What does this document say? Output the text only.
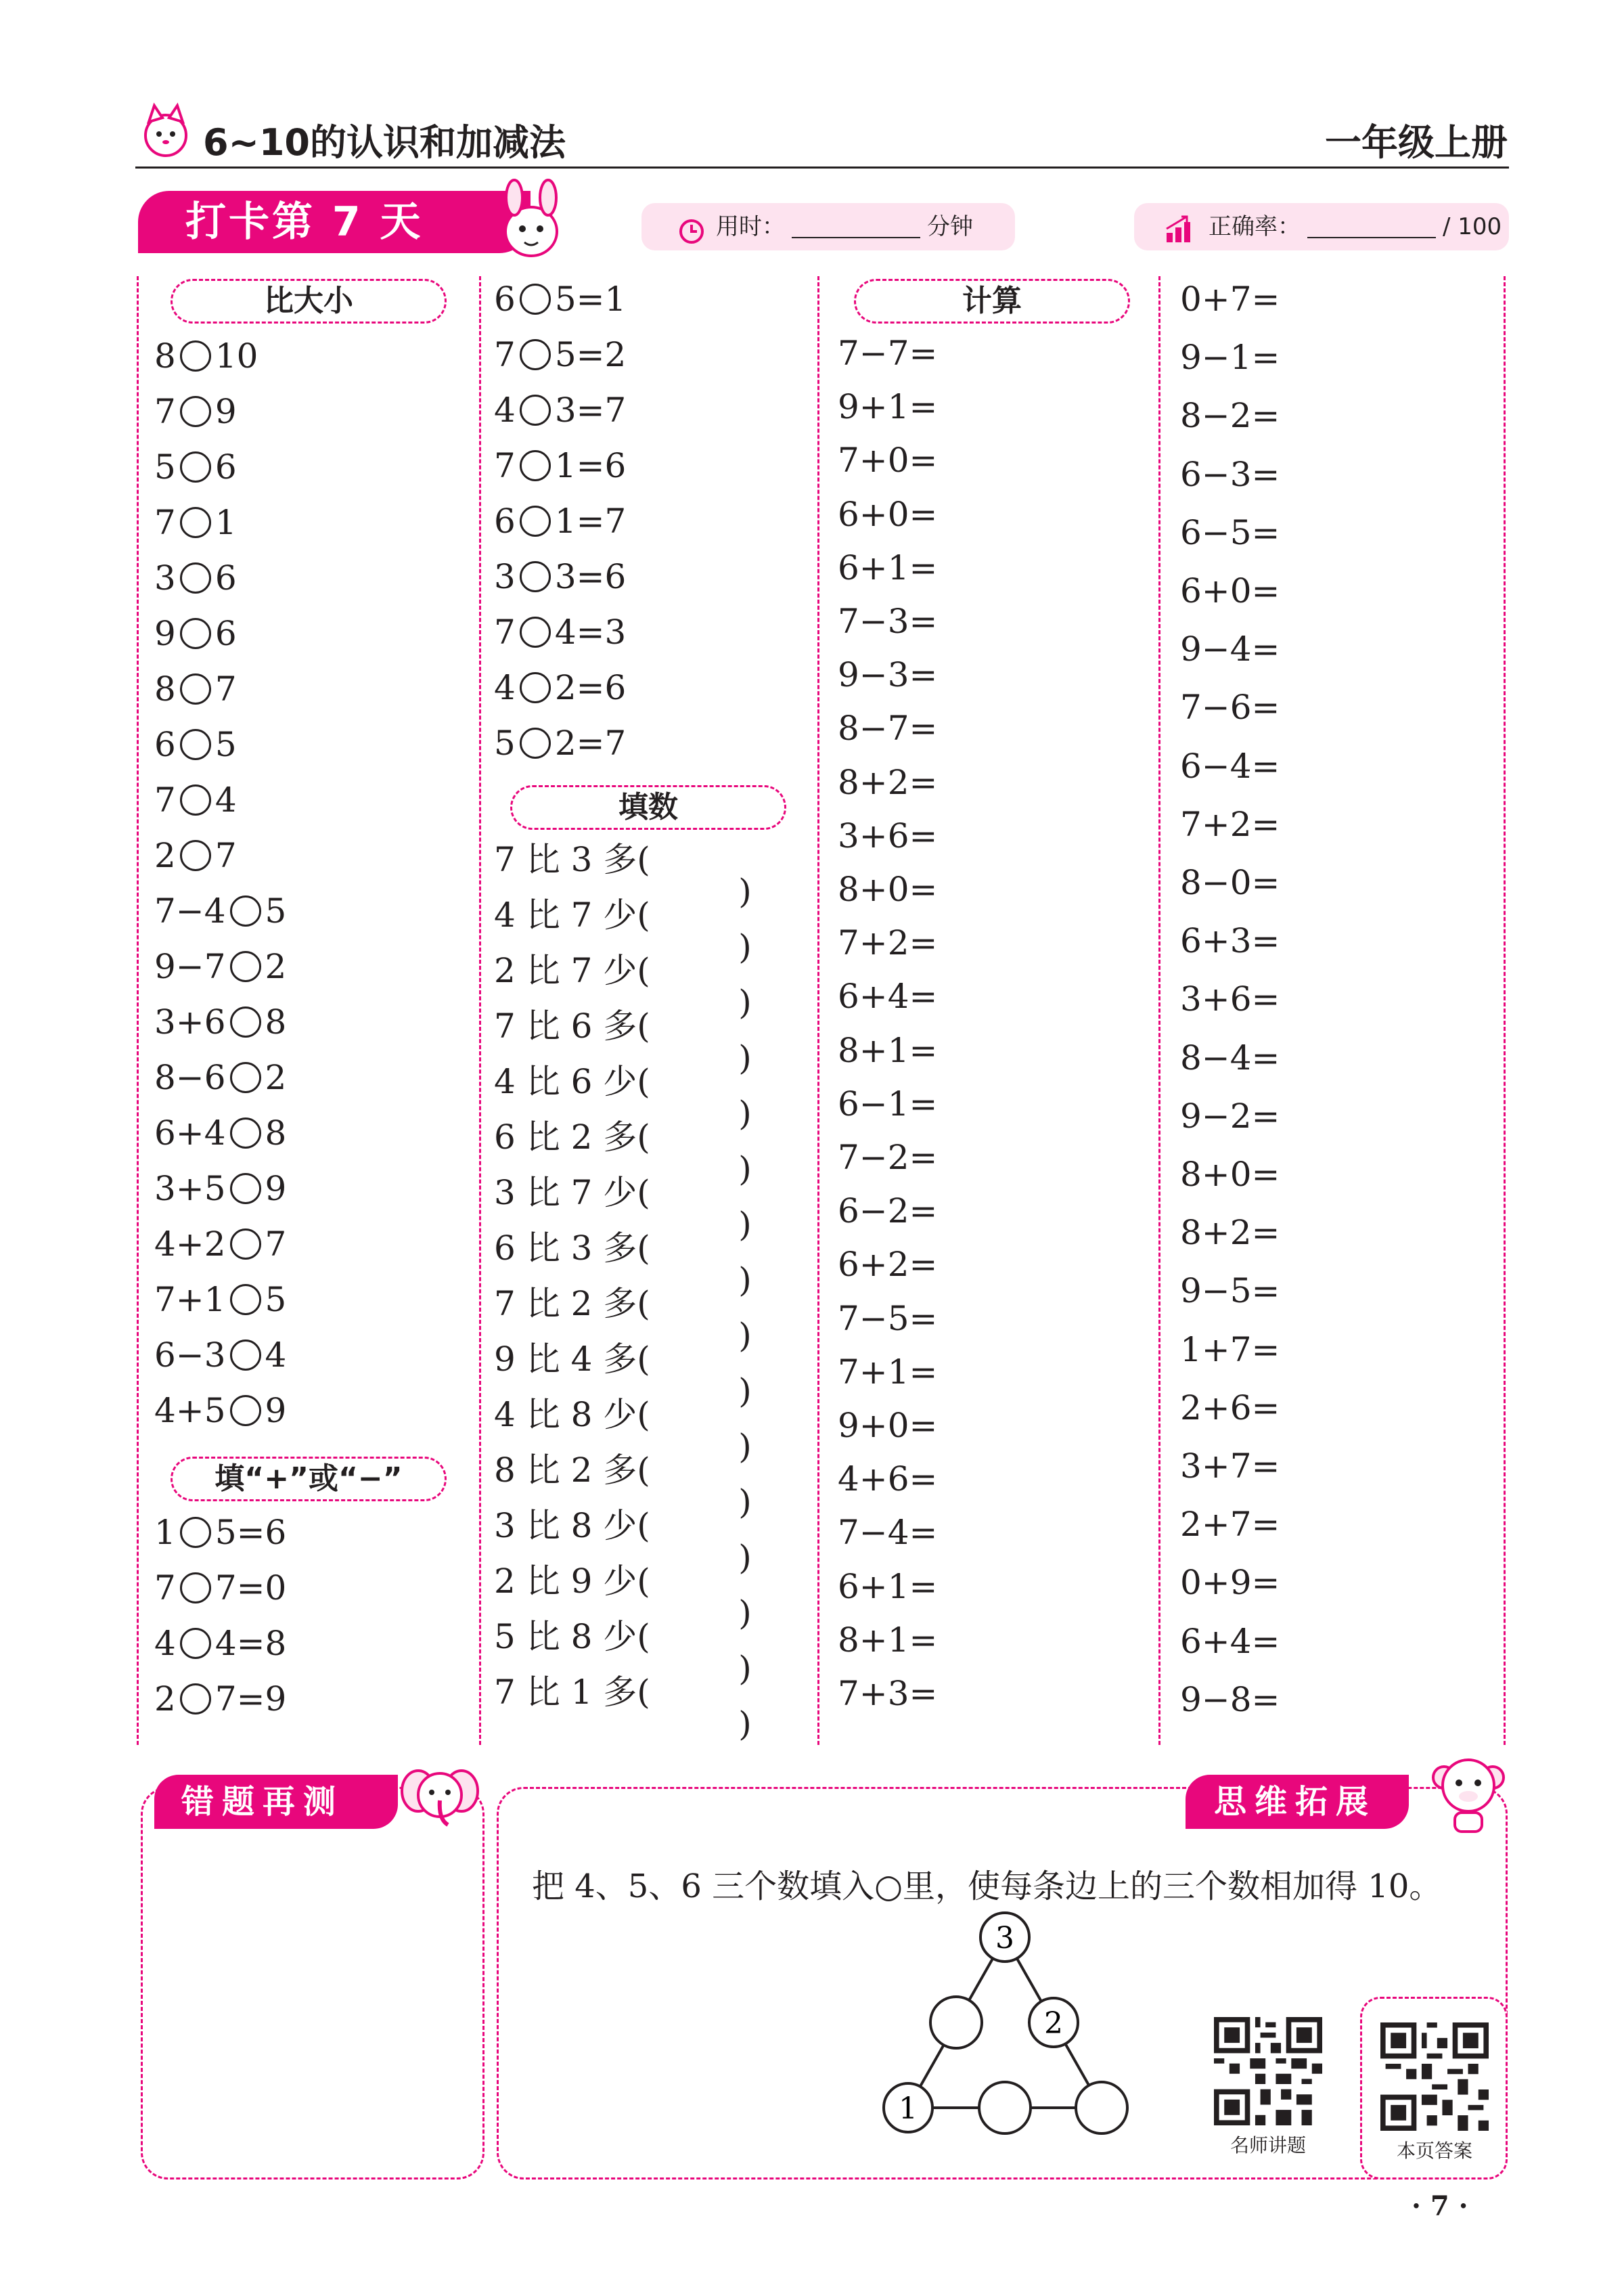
6~10的认识和加减法	一年级上册
打卡第 7 天	用时：	分钟	正确率：	/ 100
比大小
8 10
7 9
5 6
7 1
3 6
9 6
8 7
6 5
7 4
2 7
7−4 5
9−7 2
3+6 8
8−6 2
6+4 8
3+5 9
4+2 7
7+1 5
6−3 4
4+5 9
填“+”或“−”
1 5=6
7 7=0
4 4=8
2 7=9
6 5=1
7 5=2
4 3=7
7 1=6
6 1=7
3 3=6
7 4=3
4 2=6
5 2=7
填数
7 比 3 多(
4 比 7 少(
2 比 7 少(
7 比 6 多(
4 比 6 少(
6 比 2 多(
3 比 7 少(
6 比 3 多(
7 比 2 多(
9 比 4 多(
4 比 8 少(
8 比 2 多(
3 比 8 少(
2 比 9 少(
5 比 8 少(
7 比 1 多(
计算
7−7=
9+1=
7+0=
6+0=
6+1=
7−3=
9−3=
8−7=
8+2=
3+6=
8+0=
7+2=
6+4=
8+1=
6−1=
7−2=
6−2=
6+2=
7−5=
7+1=
9+0=
4+6=
7−4=
6+1=
8+1=
7+3=
0+7=
9−1=
8−2=
6−3=
6−5=
6+0=
9−4=
7−6=
6−4=
7+2=
8−0=
6+3=
3+6=
8−4=
9−2=
8+0=
8+2=
9−5=
1+7=
2+6=
3+7=
2+7=
0+9=
6+4=
9−8=
错题再测	思维拓展
把 4、5、6 三个数填入○里，使每条边上的三个数相加得 10。
3
2
1
名师讲题	本页答案
· 7 ·
